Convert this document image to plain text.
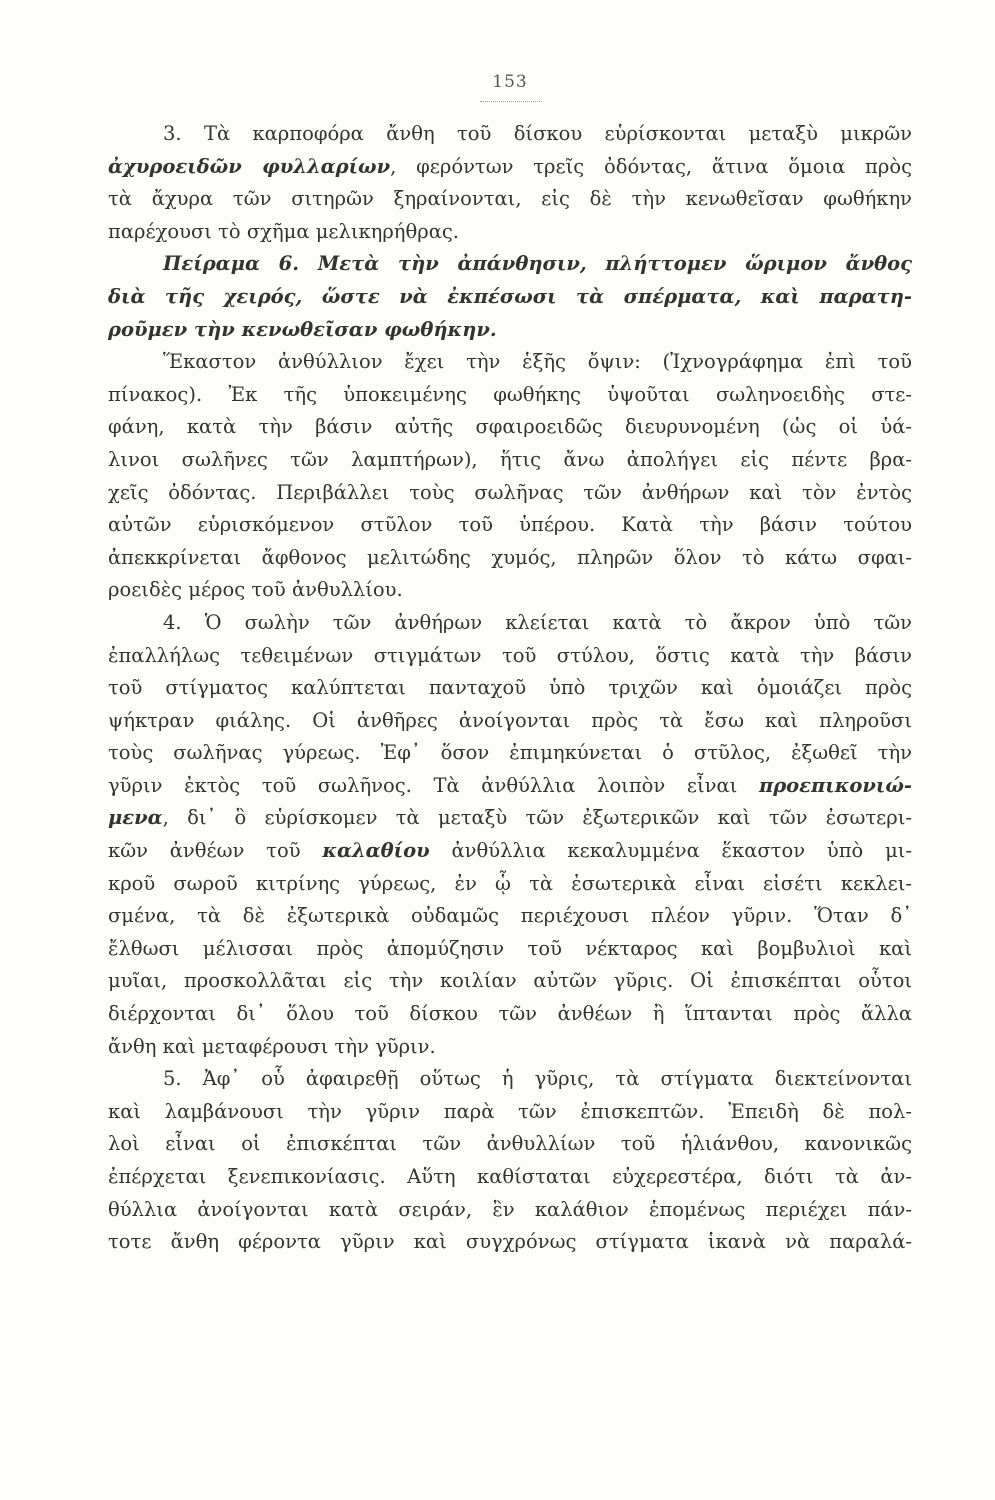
153
3. Τὰ καρποφόρα ἄνθη τοῦ δίσκου εὑρίσκονται μεταξὺ μικρῶν
ἀχυροειδῶν φυλλαρίων, φερόντων τρεῖς ὀδόντας, ἅτινα ὅμοια πρὸς
τὰ ἄχυρα τῶν σιτηρῶν ξηραίνονται, εἰς δὲ τὴν κενωθεῖσαν φωθήκην
παρέχουσι τὸ σχῆμα μελικηρήθρας.
Πείραμα 6. Μετὰ τὴν ἀπάνθησιν, πλήττομεν ὥριμον ἄνθος
διὰ τῆς χειρός, ὥστε νὰ ἐκπέσωσι τὰ σπέρματα, καὶ παρατη-
ροῦμεν τὴν κενωθεῖσαν φωθήκην.
Ἕκαστον ἀνθύλλιον ἔχει τὴν ἑξῆς ὄψιν: (Ἰχνογράφημα ἐπὶ τοῦ
πίνακος). Ἐκ τῆς ὑποκειμένης φωθήκης ὑψοῦται σωληνοειδὴς στε-
φάνη, κατὰ τὴν βάσιν αὐτῆς σφαιροειδῶς διευρυνομένη (ὡς οἱ ὑά-
λινοι σωλῆνες τῶν λαμπτήρων), ἥτις ἄνω ἀπολήγει εἰς πέντε βρα-
χεῖς ὀδόντας. Περιβάλλει τοὺς σωλῆνας τῶν ἀνθήρων καὶ τὸν ἐντὸς
αὐτῶν εὑρισκόμενον στῦλον τοῦ ὑπέρου. Κατὰ τὴν βάσιν τούτου
ἀπεκκρίνεται ἄφθονος μελιτώδης χυμός, πληρῶν ὅλον τὸ κάτω σφαι-
ροειδὲς μέρος τοῦ ἀνθυλλίου.
4. Ὁ σωλὴν τῶν ἀνθήρων κλείεται κατὰ τὸ ἄκρον ὑπὸ τῶν
ἐπαλλήλως τεθειμένων στιγμάτων τοῦ στύλου, ὅστις κατὰ τὴν βάσιν
τοῦ στίγματος καλύπτεται πανταχοῦ ὑπὸ τριχῶν καὶ ὁμοιάζει πρὸς
ψήκτραν φιάλης. Οἱ ἀνθῆρες ἀνοίγονται πρὸς τὰ ἔσω καὶ πληροῦσι
τοὺς σωλῆνας γύρεως. Ἐφ᾽ ὅσον ἐπιμηκύνεται ὁ στῦλος, ἐξωθεῖ τὴν
γῦριν ἐκτὸς τοῦ σωλῆνος. Τὰ ἀνθύλλια λοιπὸν εἶναι προεπικονιώ-
μενα, δι᾽ ὃ εὑρίσκομεν τὰ μεταξὺ τῶν ἐξωτερικῶν καὶ τῶν ἐσωτερι-
κῶν ἀνθέων τοῦ καλαθίου ἀνθύλλια κεκαλυμμένα ἕκαστον ὑπὸ μι-
κροῦ σωροῦ κιτρίνης γύρεως, ἐν ᾧ τὰ ἐσωτερικὰ εἶναι εἰσέτι κεκλει-
σμένα, τὰ δὲ ἐξωτερικὰ οὐδαμῶς περιέχουσι πλέον γῦριν. Ὅταν δ᾽
ἔλθωσι μέλισσαι πρὸς ἀπομύζησιν τοῦ νέκταρος καὶ βομβυλιοὶ καὶ
μυῖαι, προσκολλᾶται εἰς τὴν κοιλίαν αὐτῶν γῦρις. Οἱ ἐπισκέπται οὗτοι
διέρχονται δι᾽ ὅλου τοῦ δίσκου τῶν ἀνθέων ἢ ἵπτανται πρὸς ἄλλα
ἄνθη καὶ μεταφέρουσι τὴν γῦριν.
5. Ἀφ᾽ οὗ ἀφαιρεθῇ οὕτως ἡ γῦρις, τὰ στίγματα διεκτείνονται
καὶ λαμβάνουσι τὴν γῦριν παρὰ τῶν ἐπισκεπτῶν. Ἐπειδὴ δὲ πολ-
λοὶ εἶναι οἱ ἐπισκέπται τῶν ἀνθυλλίων τοῦ ἡλιάνθου, κανονικῶς
ἐπέρχεται ξενεπικονίασις. Αὕτη καθίσταται εὐχερεστέρα, διότι τὰ ἀν-
θύλλια ἀνοίγονται κατὰ σειράν, ἓν καλάθιον ἑπομένως περιέχει πάν-
τοτε ἄνθη φέροντα γῦριν καὶ συγχρόνως στίγματα ἱκανὰ νὰ παραλά-
